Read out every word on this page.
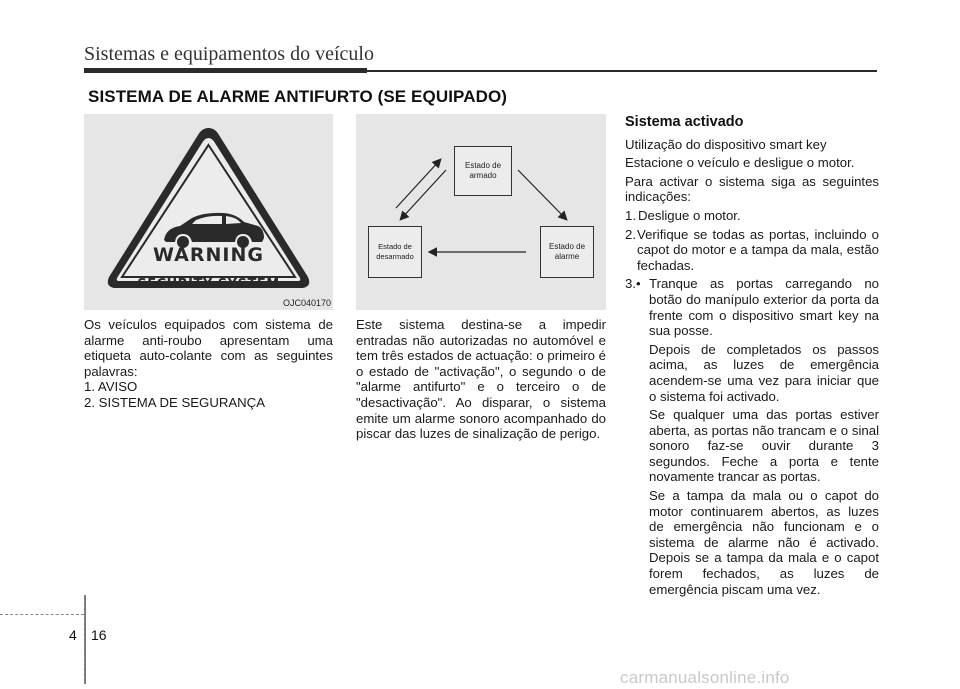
Sistemas e equipamentos do veículo
SISTEMA DE ALARME ANTIFURTO (SE EQUIPADO)
WARNING
SECURITY SYSTEM
OJC040170
Estado de
armado
Estado de
desarmado
Estado de
alarme

Os veículos equipados com sistema de alarme anti-roubo apresentam uma etiqueta auto-colante com as seguintes palavras:

1. AVISO

2. SISTEMA DE SEGURANÇA

Este sistema destina-se a impedir entradas não autorizadas no automóvel e tem três estados de actuação: o primeiro é o estado de "activação", o segundo o de "alarme antifurto" e o terceiro o de "desactivação". Ao disparar, o sistema emite um alarme sonoro acompanhado do piscar das luzes de sinalização de perigo.

Sistema activado

Utilização do dispositivo smart key

Estacione o veículo e desligue o motor.

Para activar o sistema siga as seguintes indicações:

1. Desligue o motor.

2. Verifique se todas as portas, incluindo o capot do motor e a tampa da mala, estão fechadas.

3.• Tranque as portas carregando no botão do manípulo exterior da porta da frente com o dispositivo smart key na sua posse.

Depois de completados os passos acima, as luzes de emergência acendem-se uma vez para iniciar que o sistema foi activado.

Se qualquer uma das portas estiver aberta, as portas não trancam e o sinal sonoro faz-se ouvir durante 3 segundos. Feche a porta e tente novamente trancar as portas.

Se a tampa da mala ou o capot do motor continuarem abertos, as luzes de emergência não funcionam e o sistema de alarme não é activado. Depois se a tampa da mala e o capot forem fechados, as luzes de emergência piscam uma vez.

4 16
carmanualsonline.info
